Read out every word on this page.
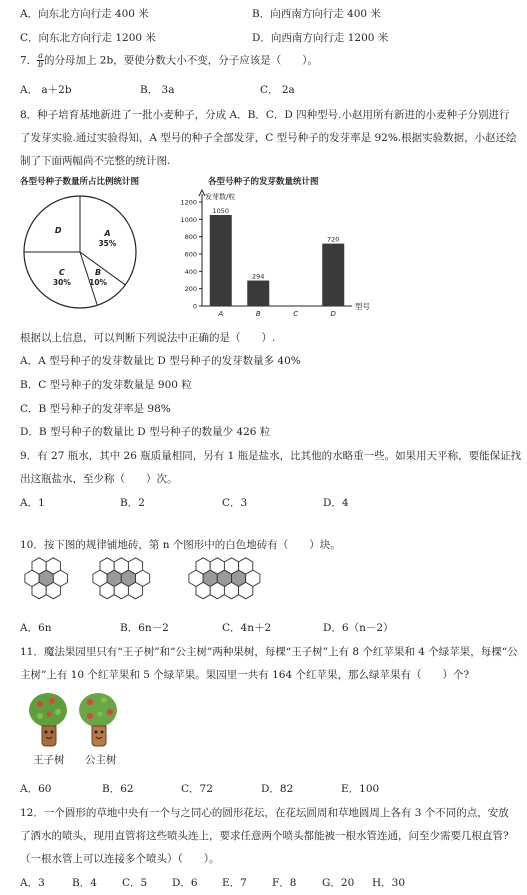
A．向东北方向行走 400 米	B．向西南方向行走 400 米
C．向东北方向行走 1200 米	D．向西南方向行走 1200 米
7． $\frac{a}{b}$ 的分母加上 2b，要使分数大小不变，分子应该是（　　）。
A． a＋2b	B． 3a	C． 2a
8．种子培育基地新进了一批小麦种子，分成 A．B．C．D 四种型号.小赵用所有新进的小麦种子分别进行
了发芽实验.通过实验得知，A 型号的种子全部发芽，C 型号种子的发芽率是 92%.根据实验数据，小赵还绘
制了下面两幅尚不完整的统计图.
各型号种子数量所占比例统计图
A
35%
B
10%
C
30%
D
各型号种子的发芽数量统计图
发芽数/粒
型号
0
200
400
600
800
1000
1200
A
1050
B
294
C	D
720
根据以上信息，可以判断下列说法中正确的是（　　）.
A．A 型号种子的发芽数量比 D 型号种子的发芽数量多 40%
B．C 型号种子的发芽数量是 900 粒
C．B 型号种子的发芽率是 98%
D．B 型号种子的数量比 D 型号种子的数量少 426 粒
9．有 27 瓶水，其中 26 瓶质量相同，另有 1 瓶是盐水，比其他的水略重一些。如果用天平称，要能保证找
出这瓶盐水，至少称（　　）次。
A．1	B．2	C．3	D．4
10．按下图的规律铺地砖，第 n 个图形中的白色地砖有（　　）块。
A．6n	B．6n－2	C．4n＋2	D．6（n－2）
11．魔法果园里只有“王子树”和“公主树”两种果树，每棵“王子树”上有 8 个红苹果和 4 个绿苹果，每棵“公
主树”上有 10 个红苹果和 5 个绿苹果。果园里一共有 164 个红苹果，那么绿苹果有（　　）个?
王子树 公主树
A．60	B．62	C．72	D．82	E．100
12．一个圆形的草地中央有一个与之同心的圆形花坛，在花坛圆周和草地圆周上各有 3 个不同的点，安放
了洒水的喷头，现用直管将这些喷头连上，要求任意两个喷头都能被一根水管连通，问至少需要几根直管?
（一根水管上可以连接多个喷头）（　　）。
A．3	B．4 C．5 D．6 E．7 F．8 G．20 H．30
